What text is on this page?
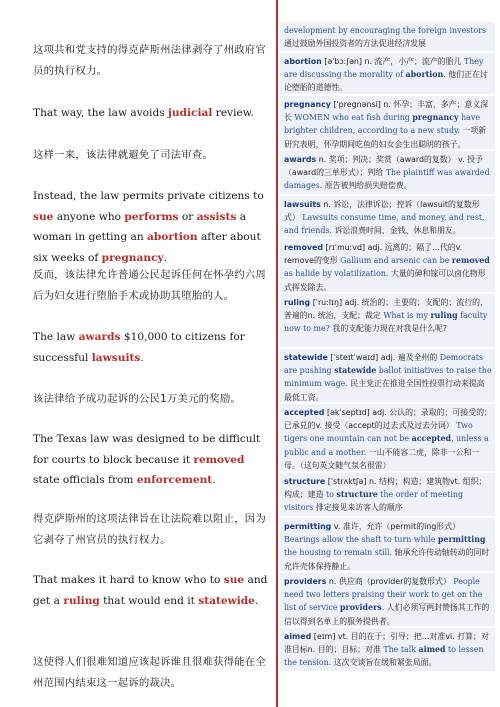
这项共和党支持的得克萨斯州法律剥夺了州政府官员的执行权力。
That way, the law avoids judicial review.
这样一来，该法律就避免了司法审查。
Instead, the law permits private citizens to sue anyone who performs or assists a woman in getting an abortion after about six weeks of pregnancy.
反而，该法律允许普通公民起诉任何在怀孕约六周后为妇女进行堕胎手术或协助其堕胎的人。
The law awards $10,000 to citizens for successful lawsuits.
该法律给予成功起诉的公民1万美元的奖励。
The Texas law was designed to be difficult for courts to block because it removed state officials from enforcement.
得克萨斯州的这项法律旨在让法院难以阻止，因为它剥夺了州官员的执行权力。
That makes it hard to know who to sue and get a ruling that would end it statewide.
这使得人们很难知道应该起诉谁且很难获得能在全州范围内结束这一起诉的裁决。
development by encouraging the foreign investors 通过鼓励外国投资者的方法促进经济发展
abortion [əˈbɔːʃən] n. 流产，小产；流产的胎儿 They are discussing the morality of abortion. 他们正在讨论堕胎的道德性。
pregnancy [ˈpregnənsi] n. 怀孕；丰富，多产；意义深长 WOMEN who eat fish during pregnancy have brighter children, according to a new study. 一项新研究表明，怀孕期间吃鱼的妇女会生出聪明的孩子。
awards n. 奖项；判决；奖赏（award的复数） v. 授予（award的三单形式）；判给 The plaintiff was awarded damages. 原告被判给损失赔偿费。
lawsuits n. 诉讼，法律诉讼；控诉（lawsuit的复数形式） Lawsuits consume time, and money, and rest, and friends. 诉讼浪费时间、金钱、休息和朋友。
removed [rɪˈmuːvd] adj. 远离的；隔了…代的v. remove的变形 Gallium and arsenic can be removed as halide by volatilization. 大量的砷和镓可以卤化物形式挥发除去。
ruling [ˈruːlɪŋ] adj. 统治的；主要的；支配的；流行的，普遍的n. 统治，支配；裁定 What is my ruling faculty now to me? 我的支配能力现在对我是什么呢?
statewide [ˈsteɪtˈwaɪd] adj. 遍及全州的 Democrats are pushing statewide ballot initiatives to raise the minimum wage. 民主党正在推进全国性投票行动来提高最低工资。
accepted [əkˈseptɪd] adj. 公认的；录取的；可接受的；已承兑的v. 接受（accept的过去式及过去分词） Two tigers one mountain can not be accepted, unless a public and a mother. 一山不能容二虎，除非一公和一母。（这句英文随气氛名很雷）
structure [ˈstrʌktʃə] n. 结构；构造；建筑物vt. 组织；构成；建造 to structure the order of meeting visitors 排定接见来访客人的顺序
permitting v. 准许，允许（permit的ing形式） Bearings allow the shaft to turn while permitting the housing to remain still. 轴承允许传动轴转动的同时允许壳体保持静止。
providers n. 供应商（provider的复数形式） People need two letters praising their work to get on the list of service providers. 人们必须写两封赞扬其工作的信以得到名单上的服务提供者。
aimed [eɪm] vt. 目的在于；引导；把…对准vi. 打算；对准目标n. 目的；目标；对准 The talk aimed to lessen the tension. 这次交谈旨在缓和紧张局面。
